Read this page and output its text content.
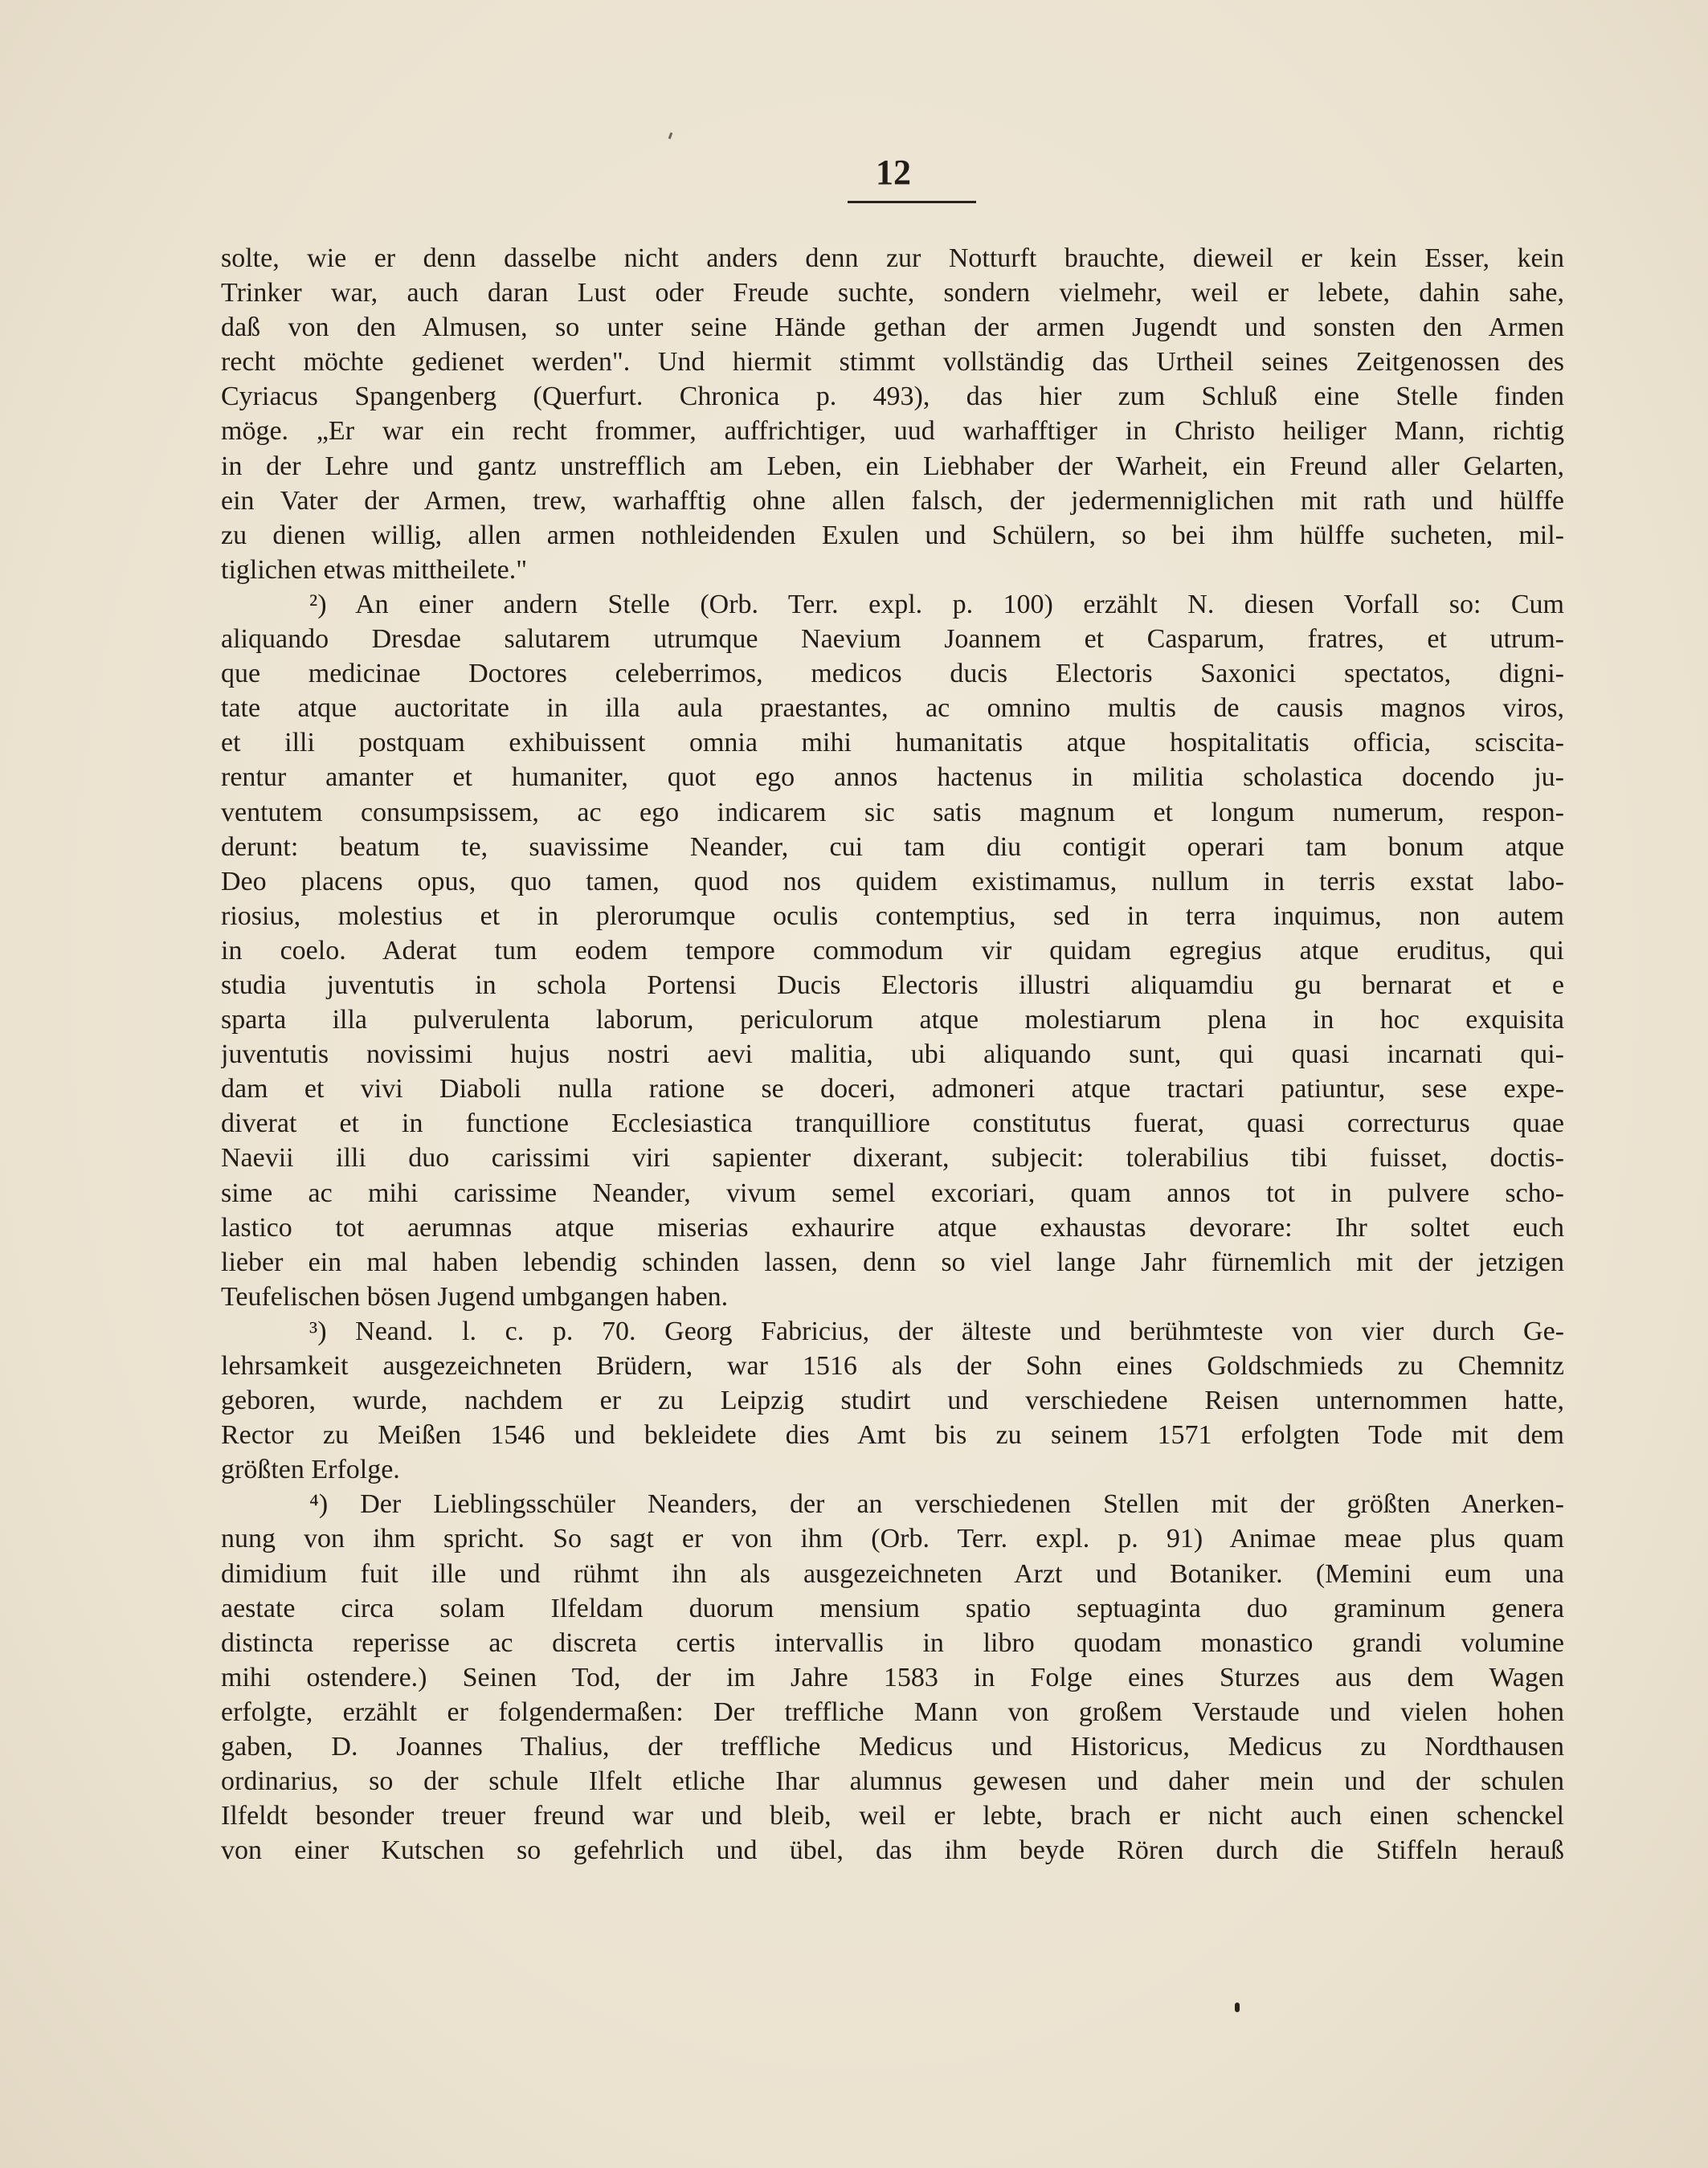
12
solte, wie er denn dasselbe nicht anders denn zur Notturft brauchte, dieweil er kein Esser, kein
Trinker war, auch daran Lust oder Freude suchte, sondern vielmehr, weil er lebete, dahin sahe,
daß von den Almusen, so unter seine Hände gethan der armen Jugendt und sonsten den Armen
recht möchte gedienet werden". Und hiermit stimmt vollständig das Urtheil seines Zeitgenossen des
Cyriacus Spangenberg (Querfurt. Chronica p. 493), das hier zum Schluß eine Stelle finden
möge. „Er war ein recht frommer, auffrichtiger, uud warhafftiger in Christo heiliger Mann, richtig
in der Lehre und gantz unstrefflich am Leben, ein Liebhaber der Warheit, ein Freund aller Gelarten,
ein Vater der Armen, trew, warhafftig ohne allen falsch, der jedermenniglichen mit rath und hülffe
zu dienen willig, allen armen nothleidenden Exulen und Schülern, so bei ihm hülffe sucheten, mil-
tiglichen etwas mittheilete."
²) An einer andern Stelle (Orb. Terr. expl. p. 100) erzählt N. diesen Vorfall so: Cum
aliquando Dresdae salutarem utrumque Naevium Joannem et Casparum, fratres, et utrum-
que medicinae Doctores celeberrimos, medicos ducis Electoris Saxonici spectatos, digni-
tate atque auctoritate in illa aula praestantes, ac omnino multis de causis magnos viros,
et illi postquam exhibuissent omnia mihi humanitatis atque hospitalitatis officia, sciscita-
rentur amanter et humaniter, quot ego annos hactenus in militia scholastica docendo ju-
ventutem consumpsissem, ac ego indicarem sic satis magnum et longum numerum, respon-
derunt: beatum te, suavissime Neander, cui tam diu contigit operari tam bonum atque
Deo placens opus, quo tamen, quod nos quidem existimamus, nullum in terris exstat labo-
riosius, molestius et in plerorumque oculis contemptius, sed in terra inquimus, non autem
in coelo. Aderat tum eodem tempore commodum vir quidam egregius atque eruditus, qui
studia juventutis in schola Portensi Ducis Electoris illustri aliquamdiu gu bernarat et e
sparta illa pulverulenta laborum, periculorum atque molestiarum plena in hoc exquisita
juventutis novissimi hujus nostri aevi malitia, ubi aliquando sunt, qui quasi incarnati qui-
dam et vivi Diaboli nulla ratione se doceri, admoneri atque tractari patiuntur, sese expe-
diverat et in functione Ecclesiastica tranquilliore constitutus fuerat, quasi correcturus quae
Naevii illi duo carissimi viri sapienter dixerant, subjecit: tolerabilius tibi fuisset, doctis-
sime ac mihi carissime Neander, vivum semel excoriari, quam annos tot in pulvere scho-
lastico tot aerumnas atque miserias exhaurire atque exhaustas devorare: Ihr soltet euch
lieber ein mal haben lebendig schinden lassen, denn so viel lange Jahr fürnemlich mit der jetzigen
Teufelischen bösen Jugend umbgangen haben.
³) Neand. l. c. p. 70. Georg Fabricius, der älteste und berühmteste von vier durch Ge-
lehrsamkeit ausgezeichneten Brüdern, war 1516 als der Sohn eines Goldschmieds zu Chemnitz
geboren, wurde, nachdem er zu Leipzig studirt und verschiedene Reisen unternommen hatte,
Rector zu Meißen 1546 und bekleidete dies Amt bis zu seinem 1571 erfolgten Tode mit dem
größten Erfolge.
⁴) Der Lieblingsschüler Neanders, der an verschiedenen Stellen mit der größten Anerken-
nung von ihm spricht. So sagt er von ihm (Orb. Terr. expl. p. 91) Animae meae plus quam
dimidium fuit ille und rühmt ihn als ausgezeichneten Arzt und Botaniker. (Memini eum una
aestate circa solam Ilfeldam duorum mensium spatio septuaginta duo graminum genera
distincta reperisse ac discreta certis intervallis in libro quodam monastico grandi volumine
mihi ostendere.) Seinen Tod, der im Jahre 1583 in Folge eines Sturzes aus dem Wagen
erfolgte, erzählt er folgendermaßen: Der treffliche Mann von großem Verstaude und vielen hohen
gaben, D. Joannes Thalius, der treffliche Medicus und Historicus, Medicus zu Nordthausen
ordinarius, so der schule Ilfelt etliche Ihar alumnus gewesen und daher mein und der schulen
Ilfeldt besonder treuer freund war und bleib, weil er lebte, brach er nicht auch einen schenckel
von einer Kutschen so gefehrlich und übel, das ihm beyde Rören durch die Stiffeln herauß
